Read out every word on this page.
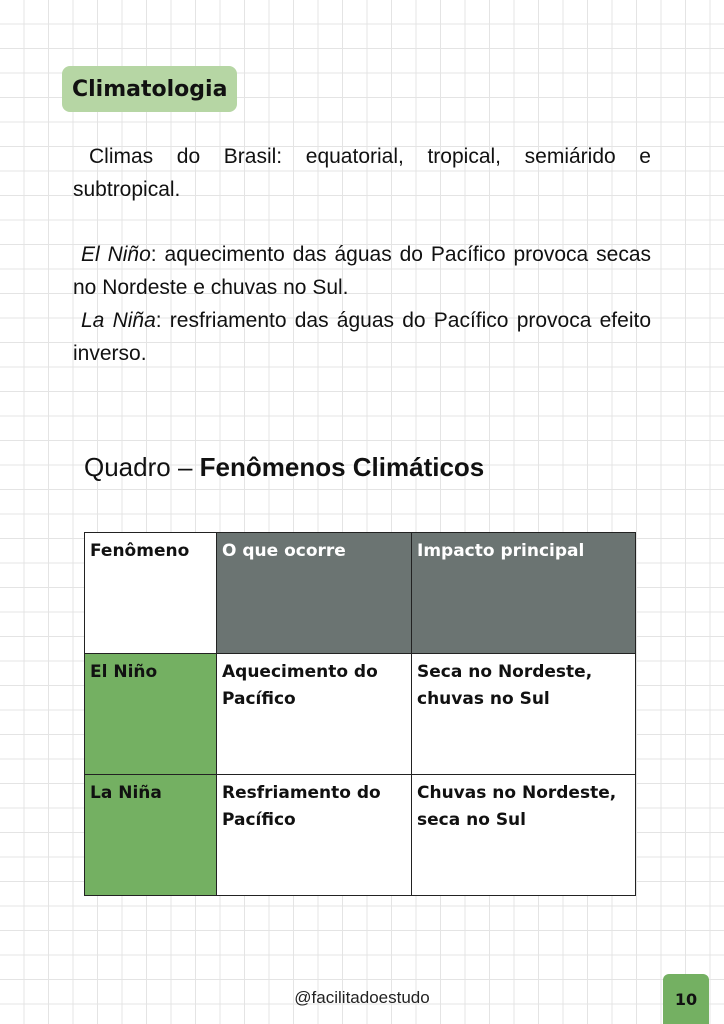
Climatologia

Climas do Brasil: equatorial, tropical, semiárido e subtropical.

El Niño: aquecimento das águas do Pacífico provoca secas no Nordeste e chuvas no Sul.

La Niña: resfriamento das águas do Pacífico provoca efeito inverso.

Quadro – Fenômenos Climáticos
Fenômeno	O que ocorre	Impacto principal
El Niño	Aquecimento do Pacífico	Seca no Nordeste, chuvas no Sul
La Niña	Resfriamento do Pacífico	Chuvas no Nordeste, seca no Sul
@facilitadoestudo	10
